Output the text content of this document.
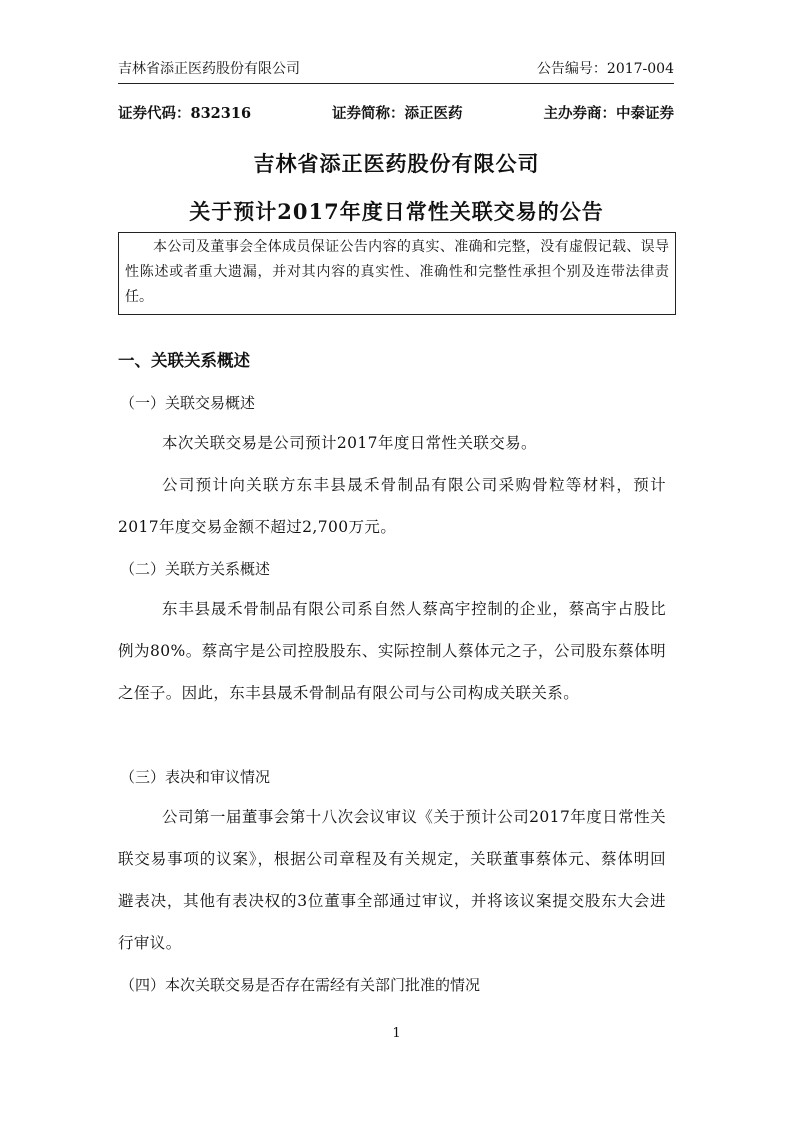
吉林省添正医药股份有限公司	公告编号：2017-004
证券代码：832316	证券简称：添正医药	主办券商：中泰证券
吉林省添正医药股份有限公司
关于预计2017年度日常性关联交易的公告
本公司及董事会全体成员保证公告内容的真实、准确和完整，没有虚假记载、误导性陈述或者重大遗漏，并对其内容的真实性、准确性和完整性承担个别及连带法律责任。
一、关联关系概述
（一）关联交易概述
本次关联交易是公司预计2017年度日常性关联交易。
公司预计向关联方东丰县晟禾骨制品有限公司采购骨粒等材料，预计2017年度交易金额不超过2,700万元。
（二）关联方关系概述
东丰县晟禾骨制品有限公司系自然人蔡高宇控制的企业，蔡高宇占股比例为80%。蔡高宇是公司控股股东、实际控制人蔡体元之子，公司股东蔡体明之侄子。因此，东丰县晟禾骨制品有限公司与公司构成关联关系。
（三）表决和审议情况
公司第一届董事会第十八次会议审议《关于预计公司2017年度日常性关联交易事项的议案》，根据公司章程及有关规定，关联董事蔡体元、蔡体明回避表决，其他有表决权的3位董事全部通过审议，并将该议案提交股东大会进行审议。
（四）本次关联交易是否存在需经有关部门批准的情况
1
